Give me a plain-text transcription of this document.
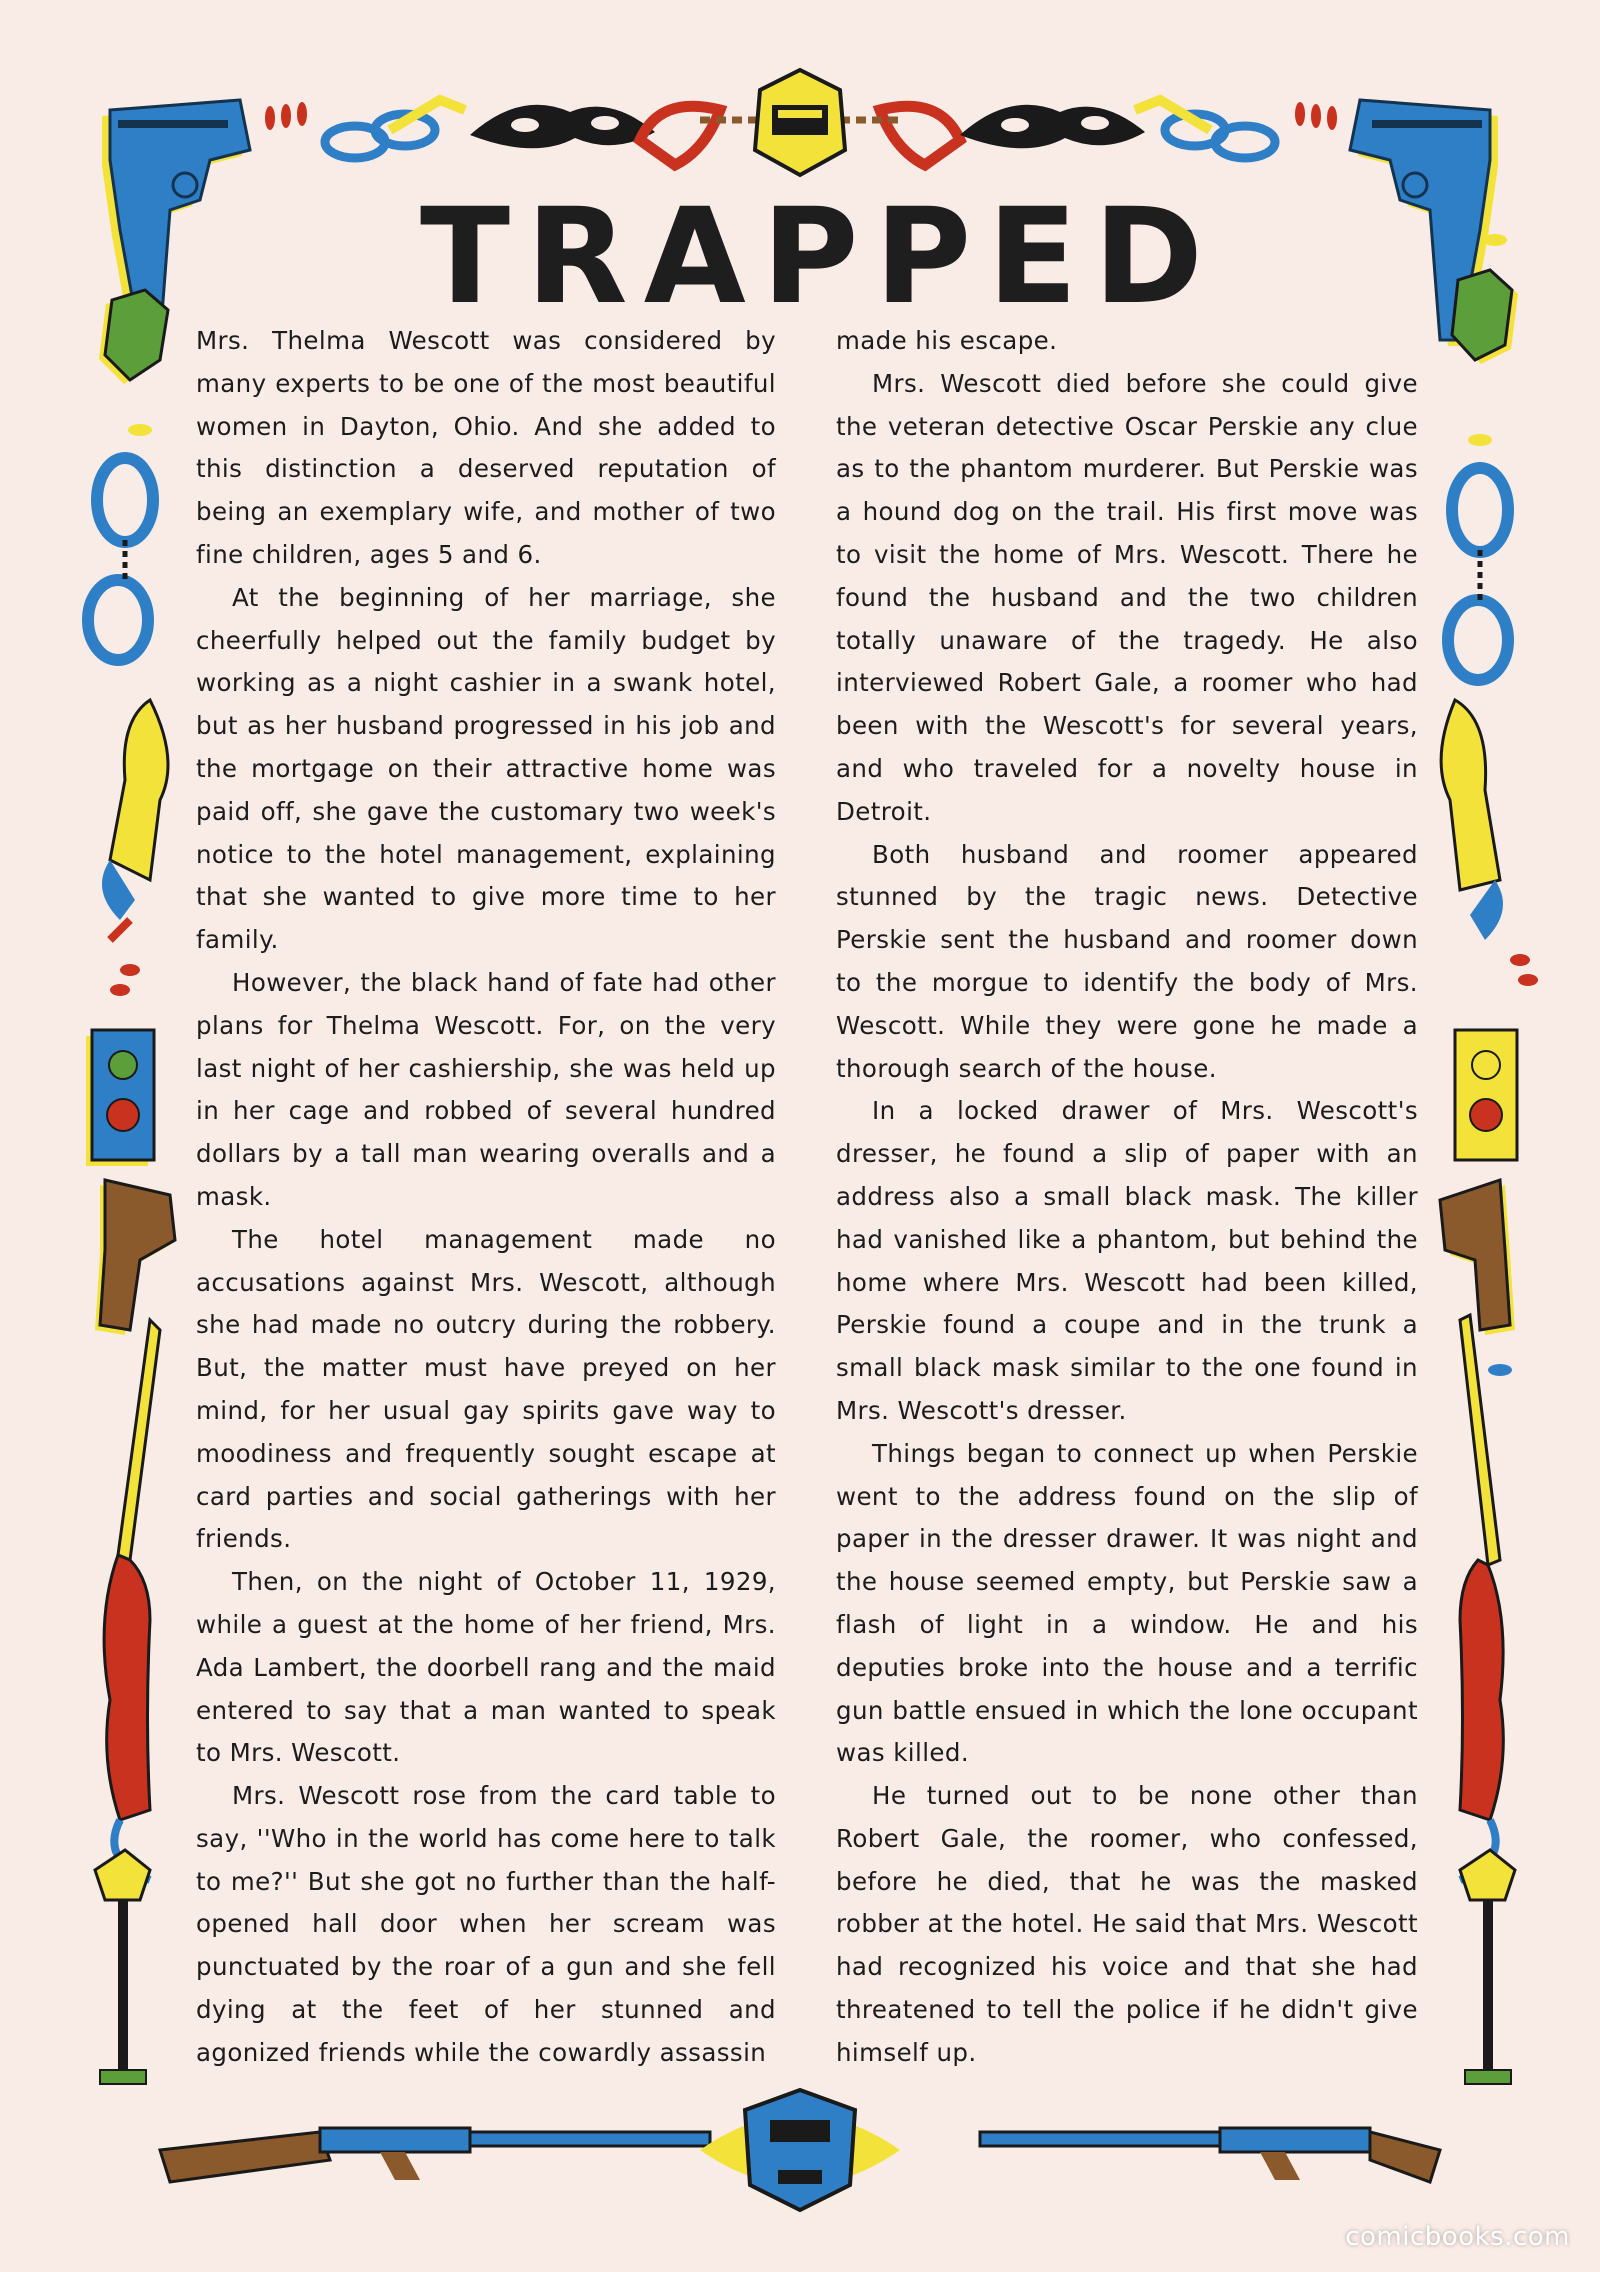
TRAPPED

Mrs. Thelma Wescott was considered by many experts to be one of the most beautiful women in Dayton, Ohio. And she added to this distinction a deserved reputation of being an exemplary wife, and mother of two fine children, ages 5 and 6.

At the beginning of her marriage, she cheerfully helped out the family budget by working as a night cashier in a swank hotel, but as her husband progressed in his job and the mortgage on their attractive home was paid off, she gave the customary two week's notice to the hotel management, explaining that she wanted to give more time to her family.

However, the black hand of fate had other plans for Thelma Wescott. For, on the very last night of her cashiership, she was held up in her cage and robbed of several hundred dollars by a tall man wearing overalls and a mask.

The hotel management made no accusations against Mrs. Wescott, although she had made no outcry during the robbery. But, the matter must have preyed on her mind, for her usual gay spirits gave way to moodiness and frequently sought escape at card parties and social gatherings with her friends.

Then, on the night of October 11, 1929, while a guest at the home of her friend, Mrs. Ada Lambert, the doorbell rang and the maid entered to say that a man wanted to speak to Mrs. Wescott.

Mrs. Wescott rose from the card table to say, ''Who in the world has come here to talk to me?'' But she got no further than the half-opened hall door when her scream was punctuated by the roar of a gun and she fell dying at the feet of her stunned and agonized friends while the cowardly assassin

made his escape.

Mrs. Wescott died before she could give the veteran detective Oscar Perskie any clue as to the phantom murderer. But Perskie was a hound dog on the trail. His first move was to visit the home of Mrs. Wescott. There he found the husband and the two children totally unaware of the tragedy. He also interviewed Robert Gale, a roomer who had been with the Wescott's for several years, and who traveled for a novelty house in Detroit.

Both husband and roomer appeared stunned by the tragic news. Detective Perskie sent the husband and roomer down to the morgue to identify the body of Mrs. Wescott. While they were gone he made a thorough search of the house.

In a locked drawer of Mrs. Wescott's dresser, he found a slip of paper with an address also a small black mask. The killer had vanished like a phantom, but behind the home where Mrs. Wescott had been killed, Perskie found a coupe and in the trunk a small black mask similar to the one found in Mrs. Wescott's dresser.

Things began to connect up when Perskie went to the address found on the slip of paper in the dresser drawer. It was night and the house seemed empty, but Perskie saw a flash of light in a window. He and his deputies broke into the house and a terrific gun battle ensued in which the lone occupant was killed.

He turned out to be none other than Robert Gale, the roomer, who confessed, before he died, that he was the masked robber at the hotel. He said that Mrs. Wescott had recognized his voice and that she had threatened to tell the police if he didn't give himself up.

comicbooks.com
